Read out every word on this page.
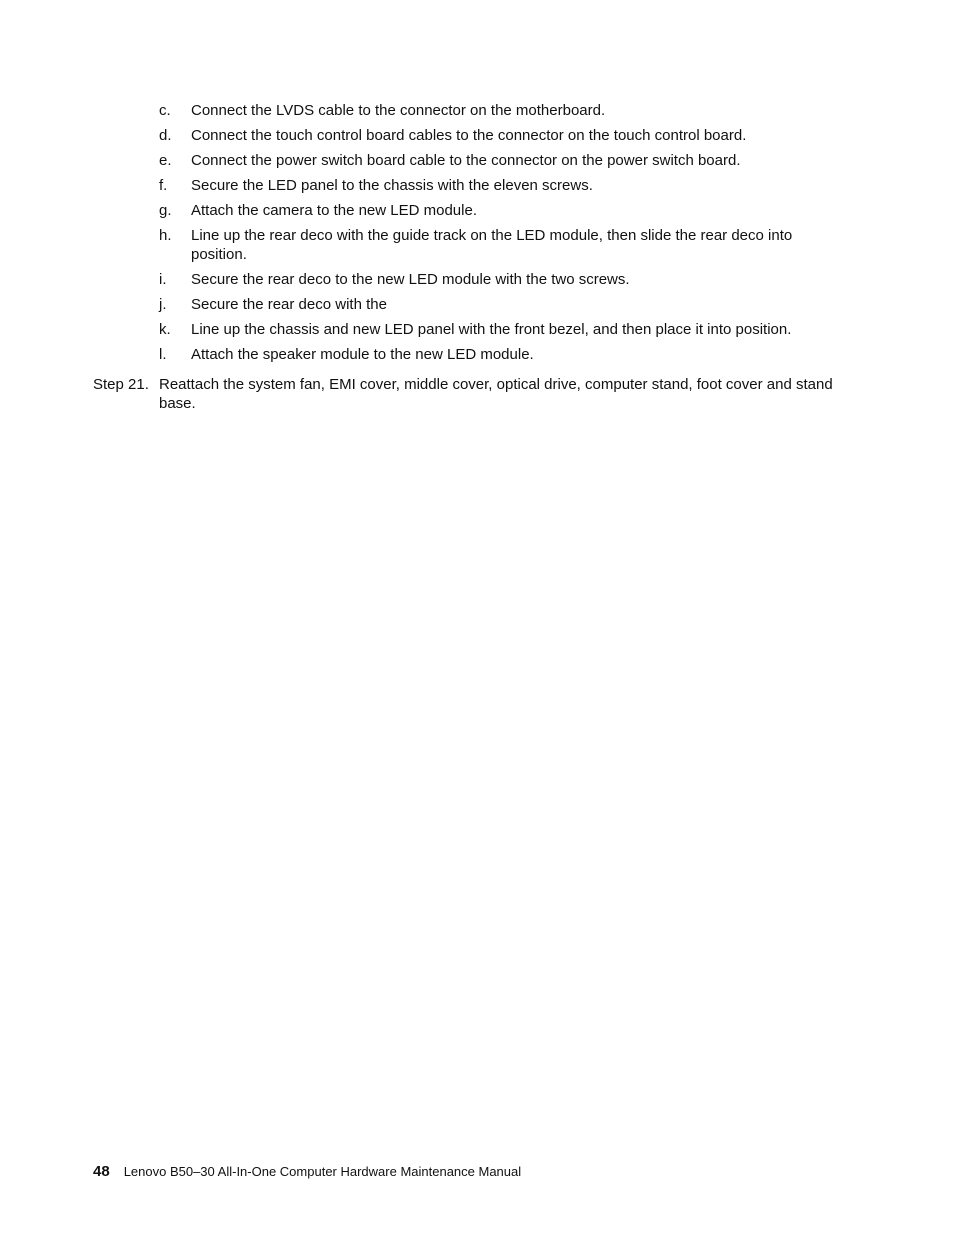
c. Connect the LVDS cable to the connector on the motherboard.
d. Connect the touch control board cables to the connector on the touch control board.
e. Connect the power switch board cable to the connector on the power switch board.
f. Secure the LED panel to the chassis with the eleven screws.
g. Attach the camera to the new LED module.
h. Line up the rear deco with the guide track on the LED module, then slide the rear deco into position.
i. Secure the rear deco to the new LED module with the two screws.
j. Secure the rear deco with the
k. Line up the chassis and new LED panel with the front bezel, and then place it into position.
l. Attach the speaker module to the new LED module.
Step 21. Reattach the system fan, EMI cover, middle cover, optical drive, computer stand, foot cover and stand base.
48 Lenovo B50–30 All-In-One Computer Hardware Maintenance Manual
